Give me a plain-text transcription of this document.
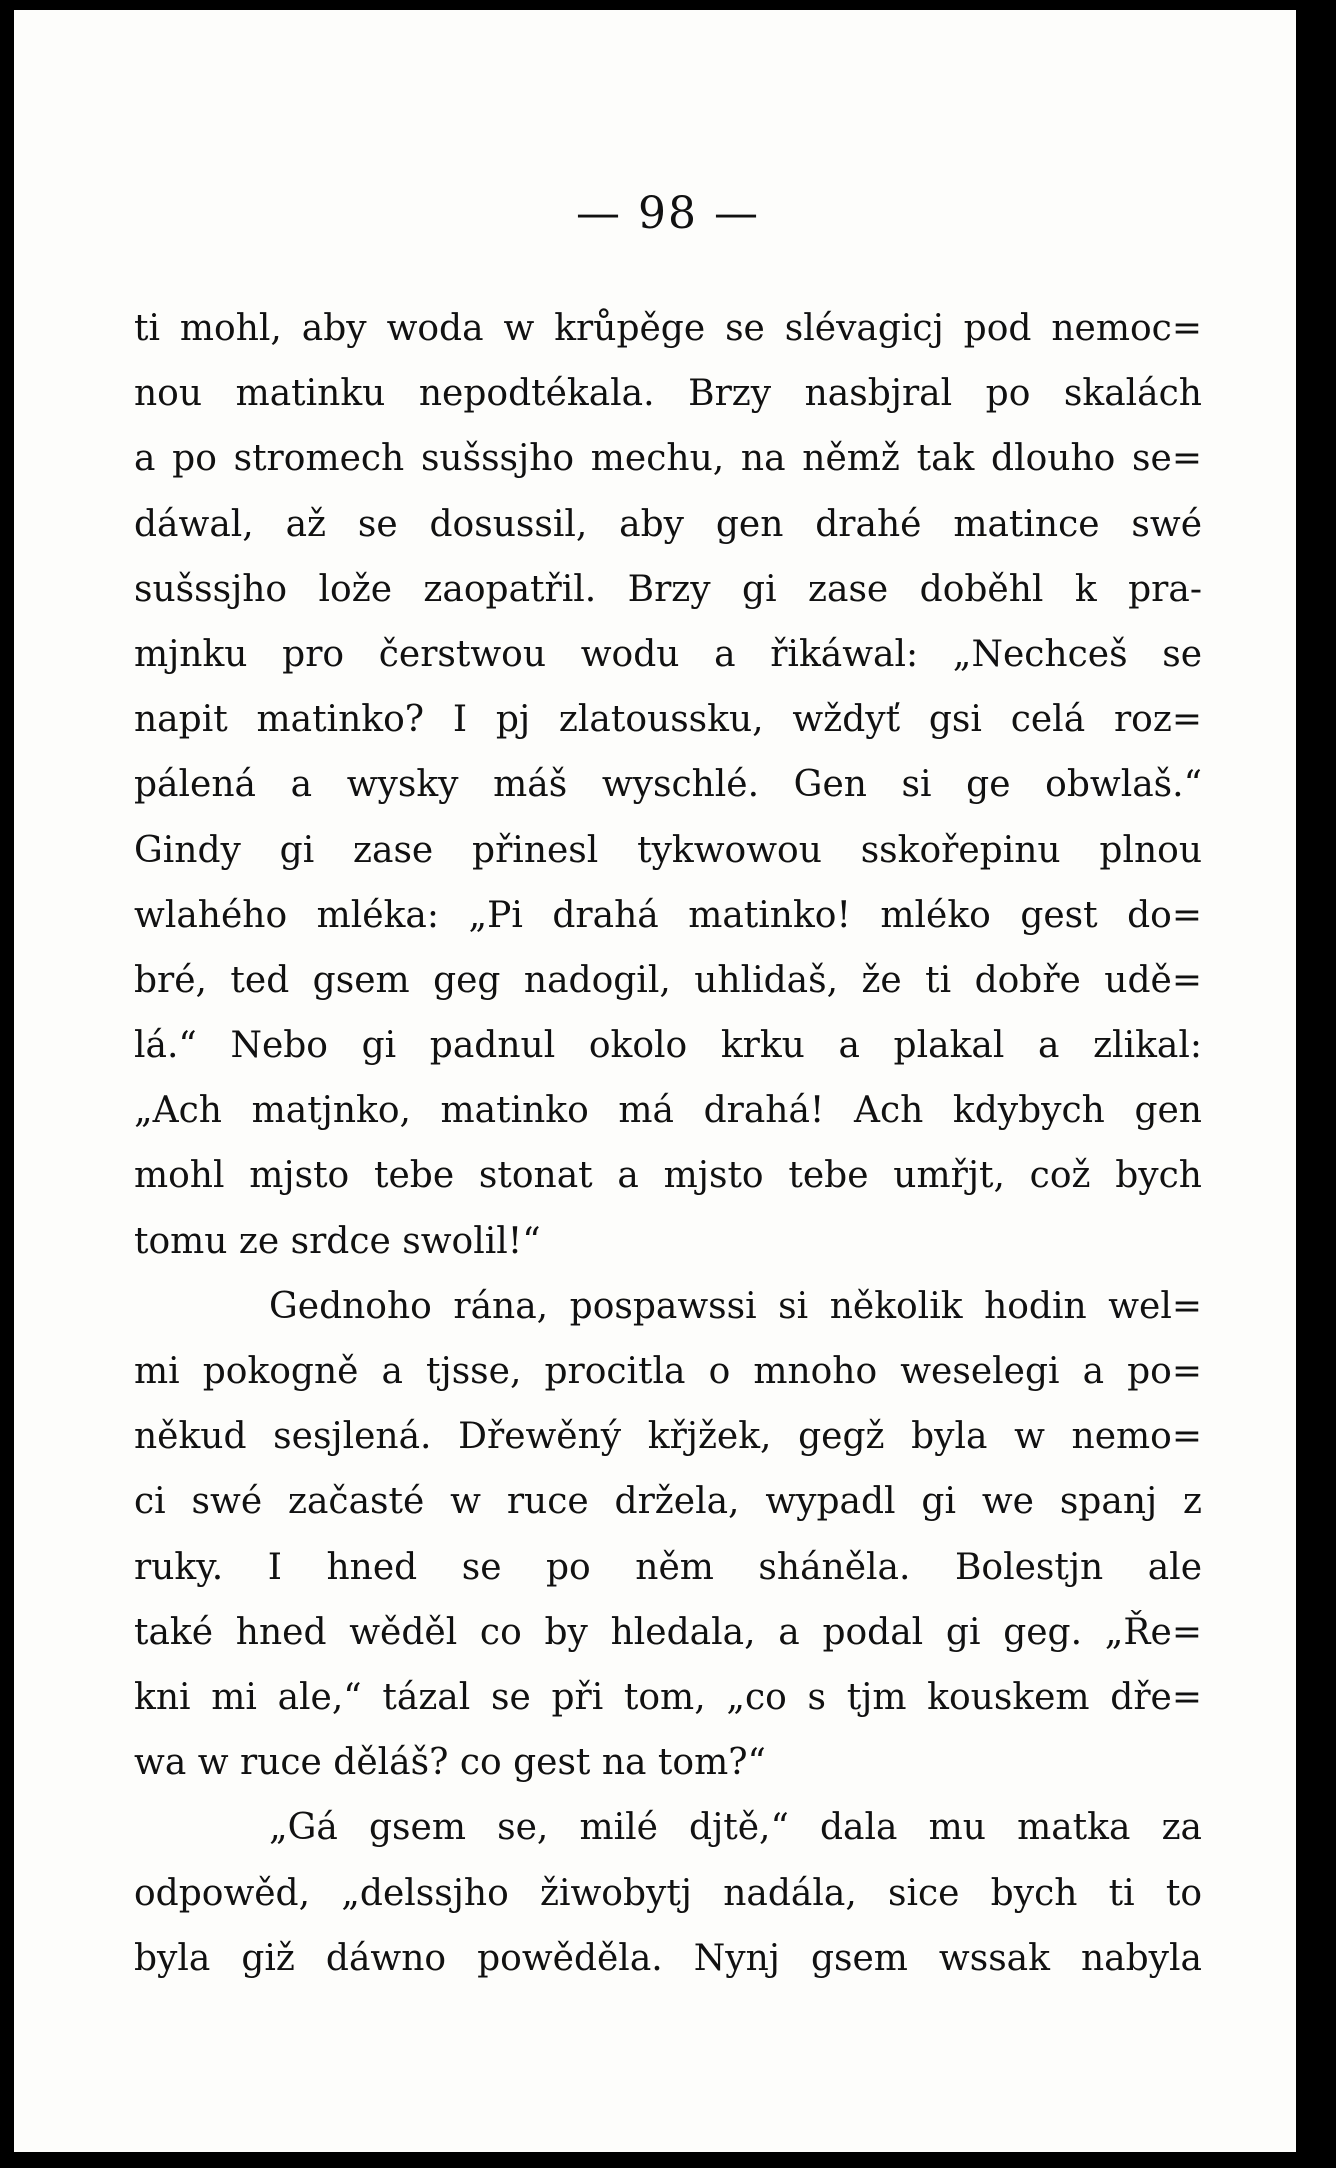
— 98 —
ti mohl, aby woda w krůpěge se slévagicj pod nemoc=
nou matinku nepodtékala. Brzy nasbjral po skalách
a po stromech sušssjho mechu, na němž tak dlouho se=
dáwal, až se dosussil, aby gen drahé matince swé
sušssjho lože zaopatřil. Brzy gi zase doběhl k pra-
mjnku pro čerstwou wodu a řikáwal: „Nechceš se
napit matinko? I pj zlatoussku, wždyť gsi celá roz=
pálená a wysky máš wyschlé. Gen si ge obwlaš.“
Gindy gi zase přinesl tykwowou sskořepinu plnou
wlahého mléka: „Pi drahá matinko! mléko gest do=
bré, ted gsem geg nadogil, uhlidaš, že ti dobře udě=
lá.“ Nebo gi padnul okolo krku a plakal a zlikal:
„Ach matjnko, matinko má drahá! Ach kdybych gen
mohl mjsto tebe stonat a mjsto tebe umřjt, což bych
tomu ze srdce swolil!“
Gednoho rána, pospawssi si několik hodin wel=
mi pokogně a tjsse, procitla o mnoho weselegi a po=
někud sesjlená. Dřewěný křjžek, gegž byla w nemo=
ci swé začasté w ruce držela, wypadl gi we spanj z
ruky. I hned se po něm sháněla. Bolestjn ale
také hned wěděl co by hledala, a podal gi geg. „Ře=
kni mi ale,“ tázal se při tom, „co s tjm kouskem dře=
wa w ruce děláš? co gest na tom?“
„Gá gsem se, milé djtě,“ dala mu matka za
odpowěd, „delssjho žiwobytj nadála, sice bych ti to
byla giž dáwno powěděla. Nynj gsem wssak nabyla
